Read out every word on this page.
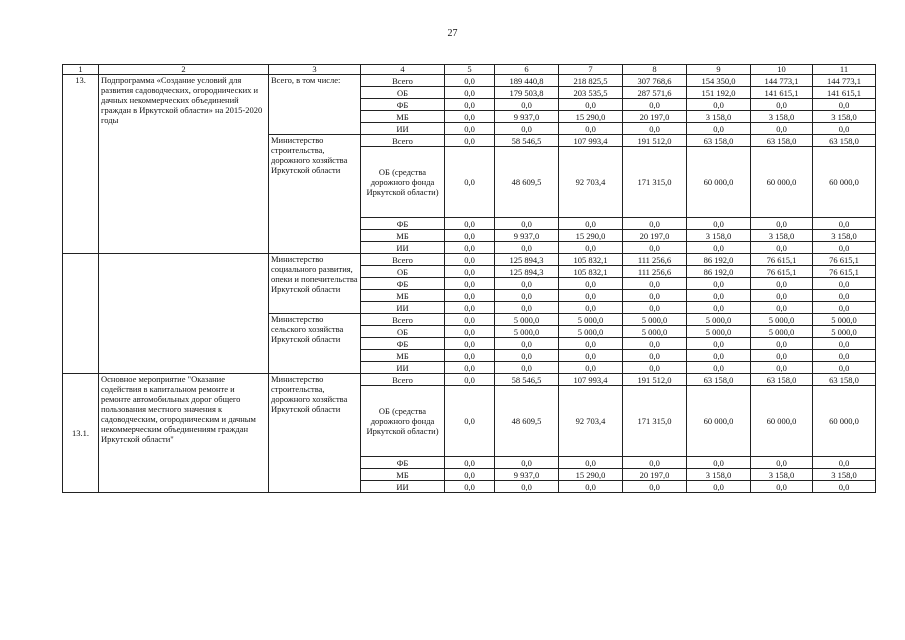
27
1	2	3	4	5	6	7	8	9	10	11
13.	Подпрограмма «Создание условий для развития садоводческих, огороднических и дачных некоммерческих объединений граждан в Иркутской области» на 2015-2020 годы	Всего, в том числе:	Всего	0,0	189 440,8	218 825,5	307 768,6	154 350,0	144 773,1	144 773,1
			ОБ	0,0	179 503,8	203 535,5	287 571,6	151 192,0	141 615,1	141 615,1
			ФБ	0,0	0,0	0,0	0,0	0,0	0,0	0,0
			МБ	0,0	9 937,0	15 290,0	20 197,0	3 158,0	3 158,0	3 158,0
			ИИ	0,0	0,0	0,0	0,0	0,0	0,0	0,0
		Министерство строительства, дорожного хозяйства Иркутской области	Всего	0,0	58 546,5	107 993,4	191 512,0	63 158,0	63 158,0	63 158,0
			ОБ (средства дорожного фонда Иркутской области)	0,0	48 609,5	92 703,4	171 315,0	60 000,0	60 000,0	60 000,0
			ФБ	0,0	0,0	0,0	0,0	0,0	0,0	0,0
			МБ	0,0	9 937,0	15 290,0	20 197,0	3 158,0	3 158,0	3 158,0
			ИИ	0,0	0,0	0,0	0,0	0,0	0,0	0,0
		Министерство социального развития, опеки и попечительства Иркутской области	Всего	0,0	125 894,3	105 832,1	111 256,6	86 192,0	76 615,1	76 615,1
			ОБ	0,0	125 894,3	105 832,1	111 256,6	86 192,0	76 615,1	76 615,1
			ФБ	0,0	0,0	0,0	0,0	0,0	0,0	0,0
			МБ	0,0	0,0	0,0	0,0	0,0	0,0	0,0
			ИИ	0,0	0,0	0,0	0,0	0,0	0,0	0,0
		Министерство сельского хозяйства Иркутской области	Всего	0,0	5 000,0	5 000,0	5 000,0	5 000,0	5 000,0	5 000,0
			ОБ	0,0	5 000,0	5 000,0	5 000,0	5 000,0	5 000,0	5 000,0
			ФБ	0,0	0,0	0,0	0,0	0,0	0,0	0,0
			МБ	0,0	0,0	0,0	0,0	0,0	0,0	0,0
			ИИ	0,0	0,0	0,0	0,0	0,0	0,0	0,0
13.1.	Основное мероприятие "Оказание содействия в капитальном ремонте и ремонте автомобильных дорог общего пользования местного значения к садоводческим, огородническим и дачным некоммерческим объединениям граждан Иркутской области"	Министерство строительства, дорожного хозяйства Иркутской области	Всего	0,0	58 546,5	107 993,4	191 512,0	63 158,0	63 158,0	63 158,0
			ОБ (средства дорожного фонда Иркутской области)	0,0	48 609,5	92 703,4	171 315,0	60 000,0	60 000,0	60 000,0
			ФБ	0,0	0,0	0,0	0,0	0,0	0,0	0,0
			МБ	0,0	9 937,0	15 290,0	20 197,0	3 158,0	3 158,0	3 158,0
			ИИ	0,0	0,0	0,0	0,0	0,0	0,0	0,0
